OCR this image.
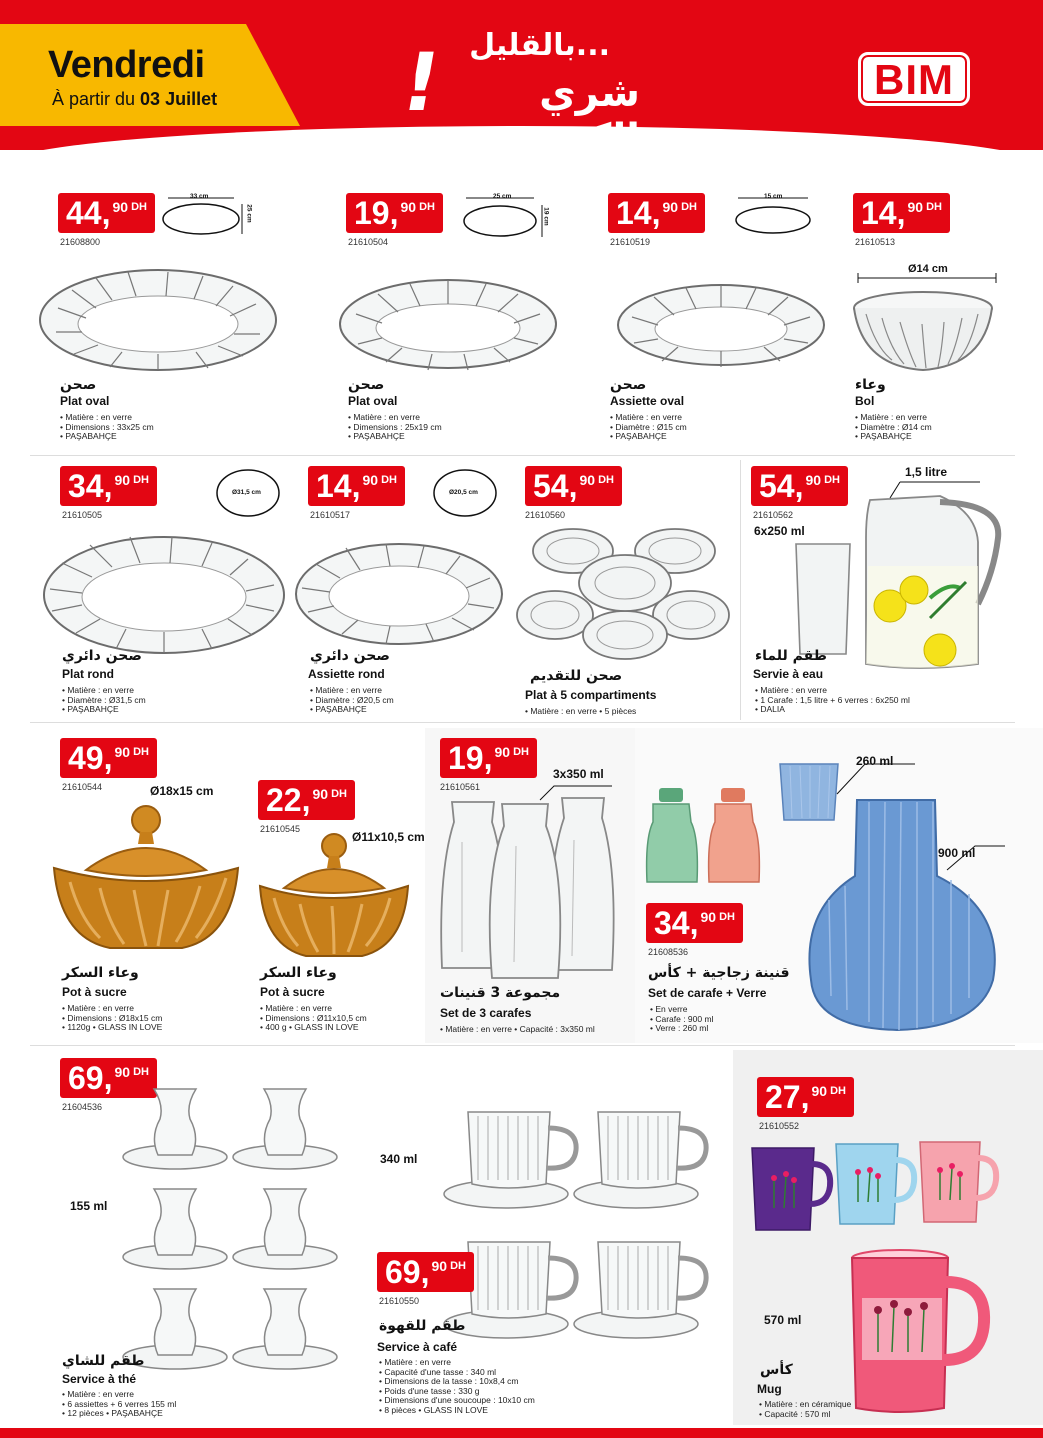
Vendredi
À partir du 03 Juillet
بالقليل...
شري الكثير
!	BIM
44, 90 DH
21608800
33 cm
25 cm
صحن
Plat oval
• Matière : en verre
• Dimensions : 33x25 cm
• PAŞABAHÇE
19, 90 DH
21610504
25 cm
19 cm
صحن
Plat oval
• Matière : en verre
• Dimensions : 25x19 cm
• PAŞABAHÇE
14, 90 DH
21610519
15 cm
صحن
Assiette oval
• Matière : en verre
• Diamètre : Ø15 cm
• PAŞABAHÇE
14, 90 DH
21610513
Ø14 cm
وعاء
Bol
• Matière : en verre
• Diamètre : Ø14 cm
• PAŞABAHÇE
34, 90 DH
21610505
Ø31,5 cm
صحن دائري
Plat rond
• Matière : en verre
• Diamètre : Ø31,5 cm
• PAŞABAHÇE
14, 90 DH
21610517
Ø20,5 cm
صحن دائري
Assiette rond
• Matière : en verre
• Diamètre : Ø20,5 cm
• PAŞABAHÇE
54, 90 DH
21610560
صحن للتقديم
Plat à 5 compartiments
• Matière : en verre • 5 pièces
54, 90 DH
21610562
6x250 ml
1,5 litre
طقم للماء
Servie à eau
• Matière : en verre
• 1 Carafe : 1,5 litre + 6 verres : 6x250 ml
• DALIA
49, 90 DH
21610544	Ø18x15 cm
وعاء السكر
Pot à sucre
• Matière : en verre
• Dimensions : Ø18x15 cm
• 1120g • GLASS IN LOVE
22, 90 DH
21610545
Ø11x10,5 cm
وعاء السكر
Pot à sucre
• Matière : en verre
• Dimensions : Ø11x10,5 cm
• 400 g • GLASS IN LOVE
19, 90 DH
21610561
3x350 ml
مجموعة 3 قنينات
Set de 3 carafes
• Matière : en verre • Capacité : 3x350 ml
260 ml
900 ml
34, 90 DH
21608536
قنينة زجاجية + كأس
Set de carafe + Verre
• En verre
• Carafe : 900 ml
• Verre : 260 ml
69, 90 DH
21604536
155 ml
طقم للشاي
Service à thé
• Matière : en verre
• 6 assiettes + 6 verres 155 ml
• 12 pièces • PAŞABAHÇE
340 ml
69, 90 DH
21610550
طقم للقهوة
Service à café
• Matière : en verre
• Capacité d'une tasse : 340 ml
• Dimensions de la tasse : 10x8,4 cm
• Poids d'une tasse : 330 g
• Dimensions d'une soucoupe : 10x10 cm
• 8 pièces • GLASS IN LOVE
27, 90 DH
21610552
570 ml
كأس
Mug
• Matière : en céramique
• Capacité : 570 ml
